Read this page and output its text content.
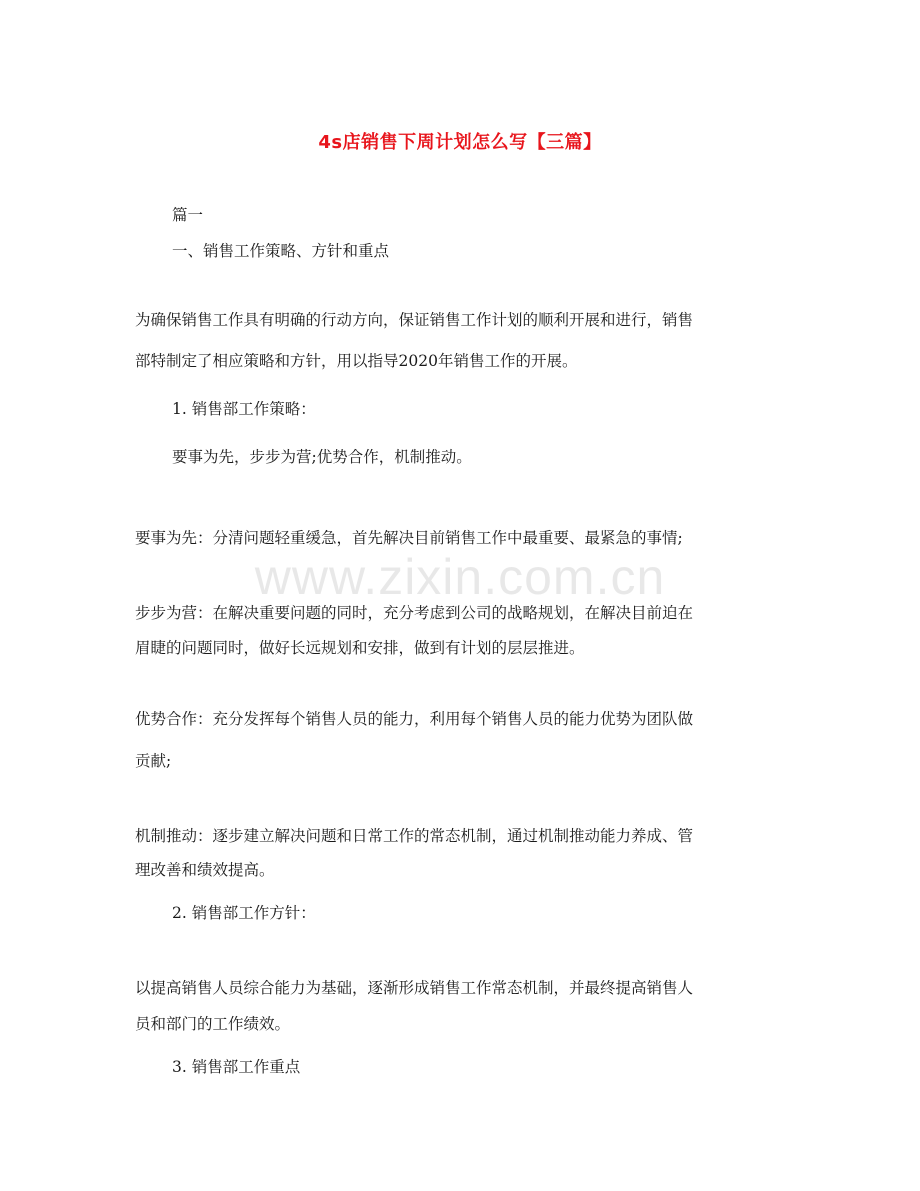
4s店销售下周计划怎么写【三篇】
www.zixin.com.cn
篇一
一、销售工作策略、方针和重点
为确保销售工作具有明确的行动方向，保证销售工作计划的顺利开展和进行，销售
部特制定了相应策略和方针，用以指导2020年销售工作的开展。
1. 销售部工作策略：
要事为先，步步为营;优势合作，机制推动。
要事为先：分清问题轻重缓急，首先解决目前销售工作中最重要、最紧急的事情;
步步为营：在解决重要问题的同时，充分考虑到公司的战略规划，在解决目前迫在
眉睫的问题同时，做好长远规划和安排，做到有计划的层层推进。
优势合作：充分发挥每个销售人员的能力，利用每个销售人员的能力优势为团队做
贡献;
机制推动：逐步建立解决问题和日常工作的常态机制，通过机制推动能力养成、管
理改善和绩效提高。
2. 销售部工作方针：
以提高销售人员综合能力为基础，逐渐形成销售工作常态机制，并最终提高销售人
员和部门的工作绩效。
3. 销售部工作重点
